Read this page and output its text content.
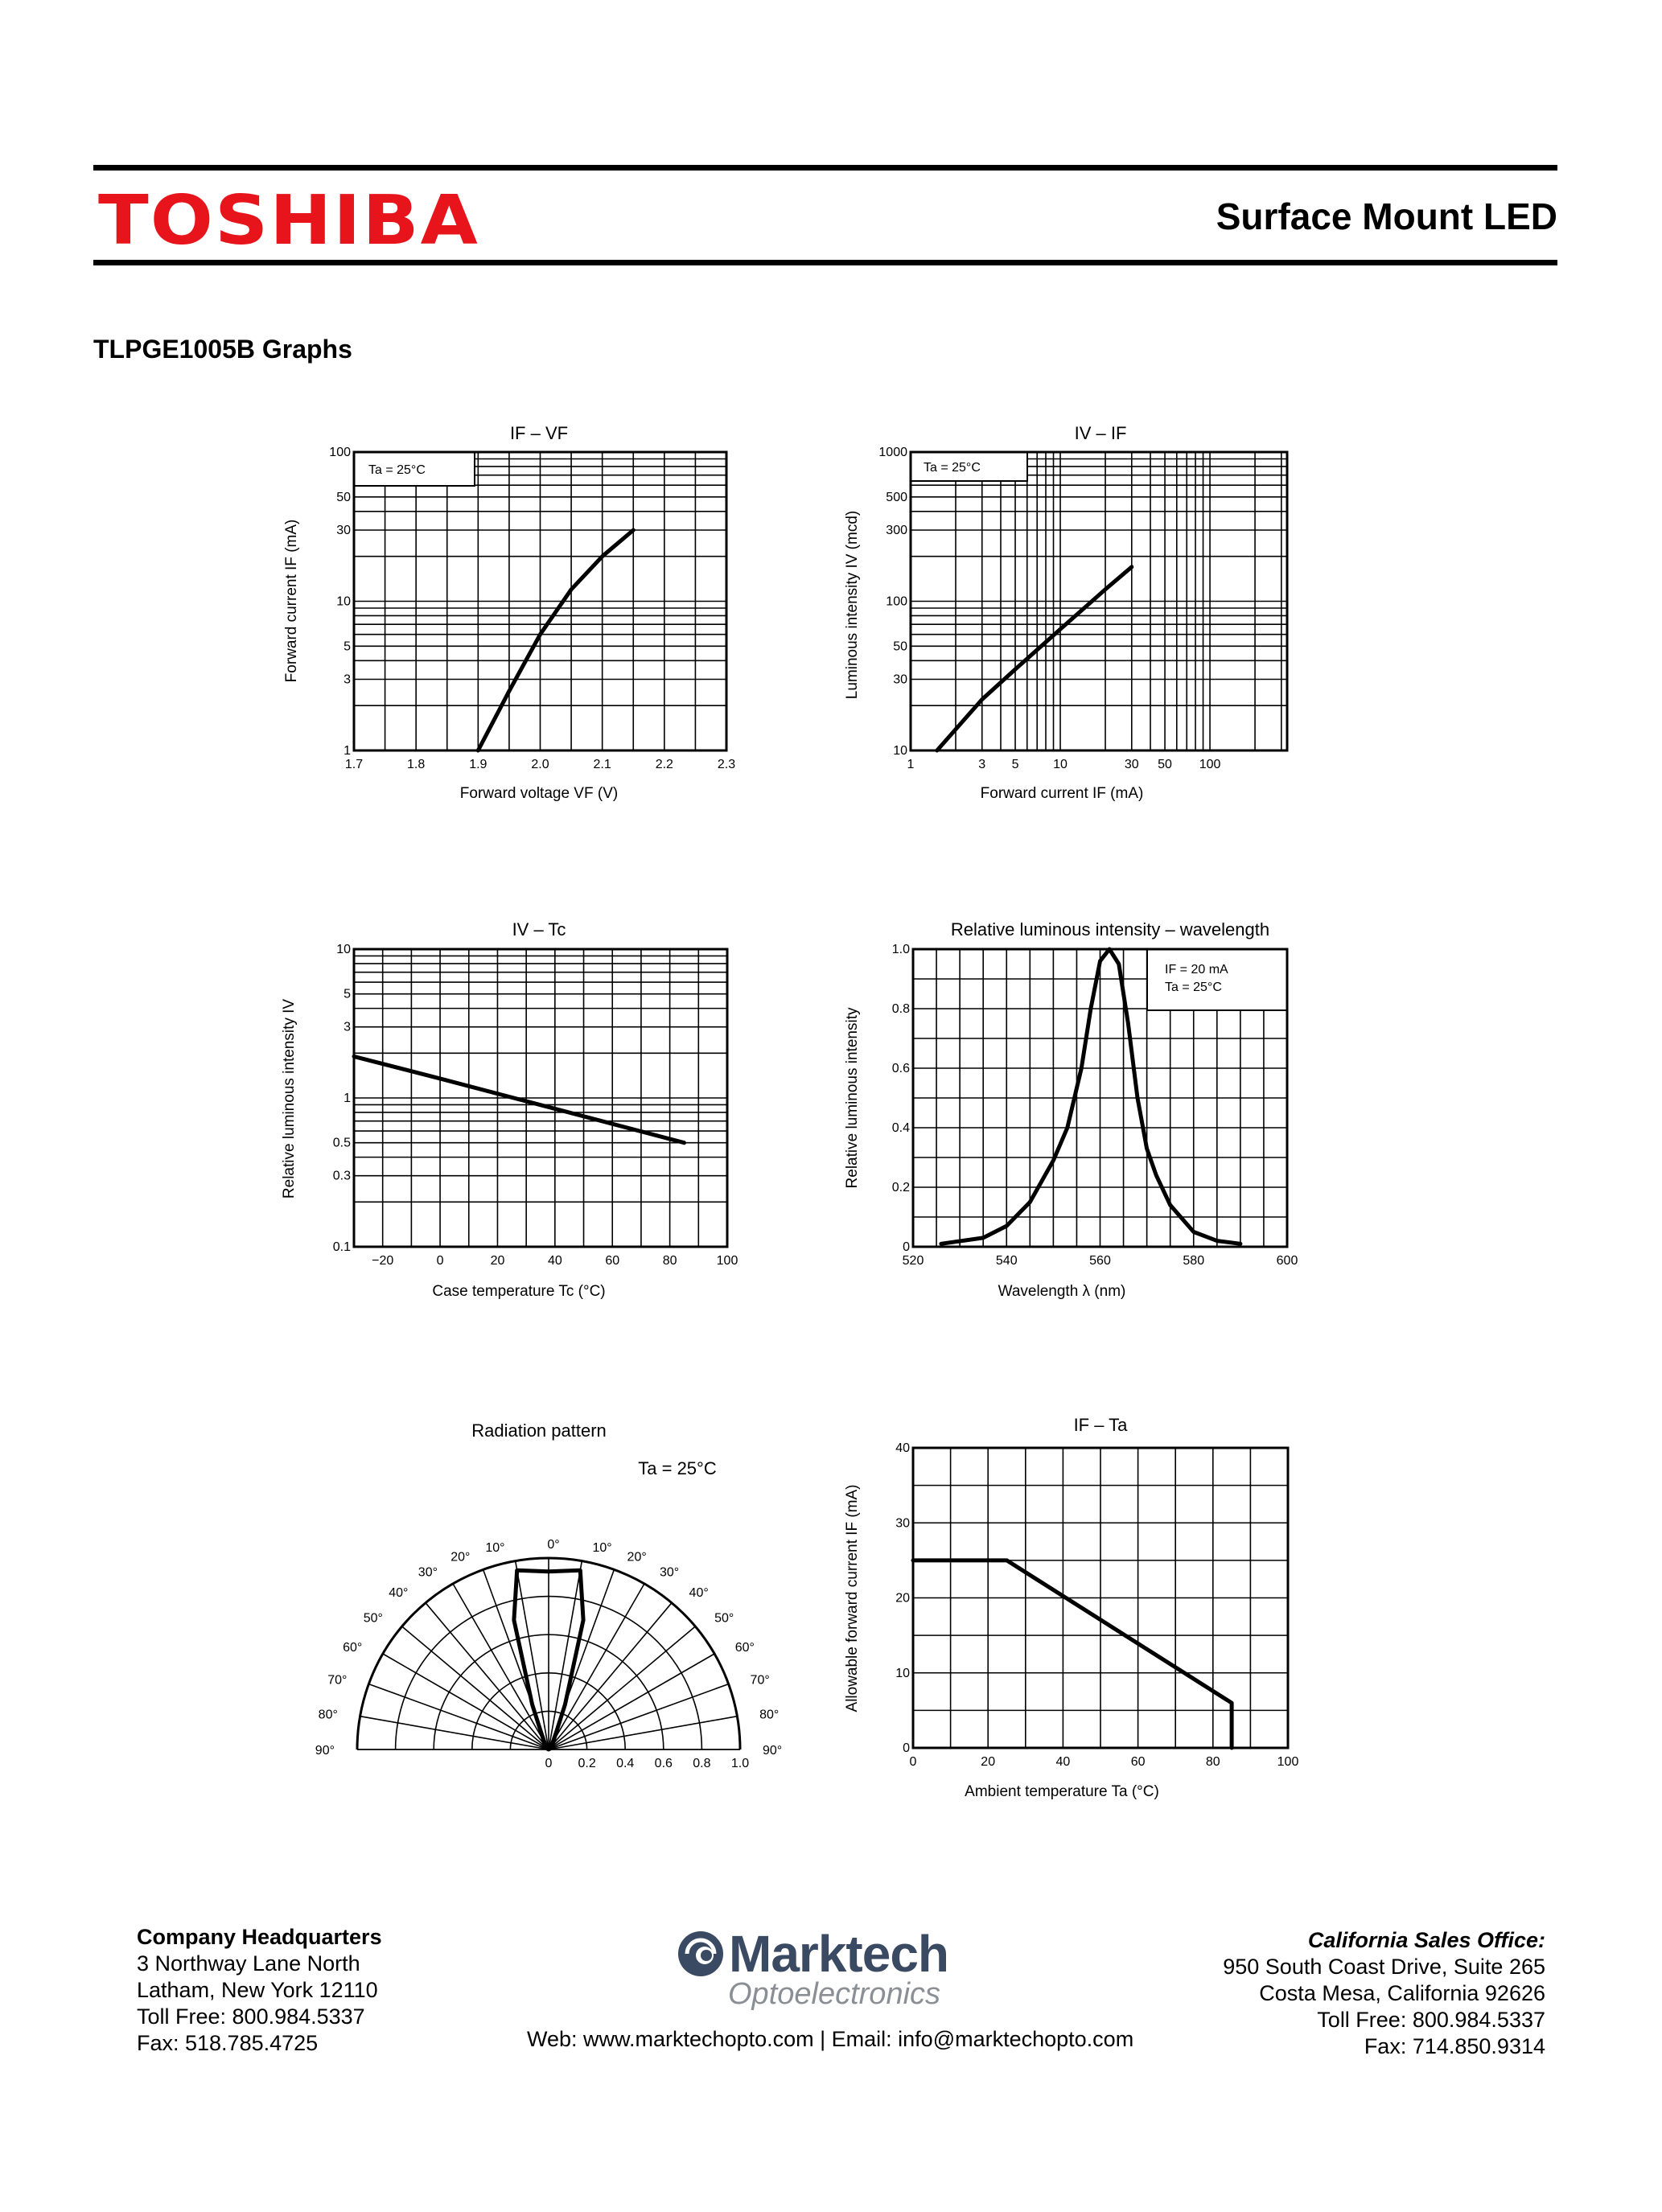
TOSHIBA	Surface Mount LED
TLPGE1005B Graphs
IF – VF
Ta = 25°C
1.7	1.8	1.9	2.0	2.1	2.2	2.3
100
50
30
10
5
3
1
Forward current IF (mA)
Forward voltage VF (V)
IV – IF
Ta = 25°C
1	3 5	10	30 50 100
1000
500
300
100
50
30
10
Luminous intensity IV (mcd)
Forward current IF (mA)
IV – Tc
−20	0	20	40	60	80	100
10
5
3
1
0.5
0.3
0.1
Relative luminous intensity IV
Case temperature Tc (°C)
Relative luminous intensity – wavelength
IF = 20 mA
Ta = 25°C
520	540	560	580	600
1.0
0.8
0.6
0.4
0.2
0
Relative luminous intensity
Wavelength λ (nm)
Radiation pattern
Ta = 25°C
0°
10°
20°
30°
40°
50°
60°
70°
80°
90°
10°
20°
30°
40°
50°
60°
70°
80°
90°
0 0.2 0.4 0.6 0.8 1.0
IF – Ta
0	20	40	60	80	100
40
30
20
10
0
Allowable forward current IF (mA)
Ambient temperature Ta (°C)
Company Headquarters
3 Northway Lane North
Latham, New York 12110
Toll Free: 800.984.5337
Fax: 518.785.4725
Marktech
Optoelectronics
Web: www.marktechopto.com | Email: info@marktechopto.com
California Sales Office:
950 South Coast Drive, Suite 265
Costa Mesa, California 92626
Toll Free: 800.984.5337
Fax: 714.850.9314
